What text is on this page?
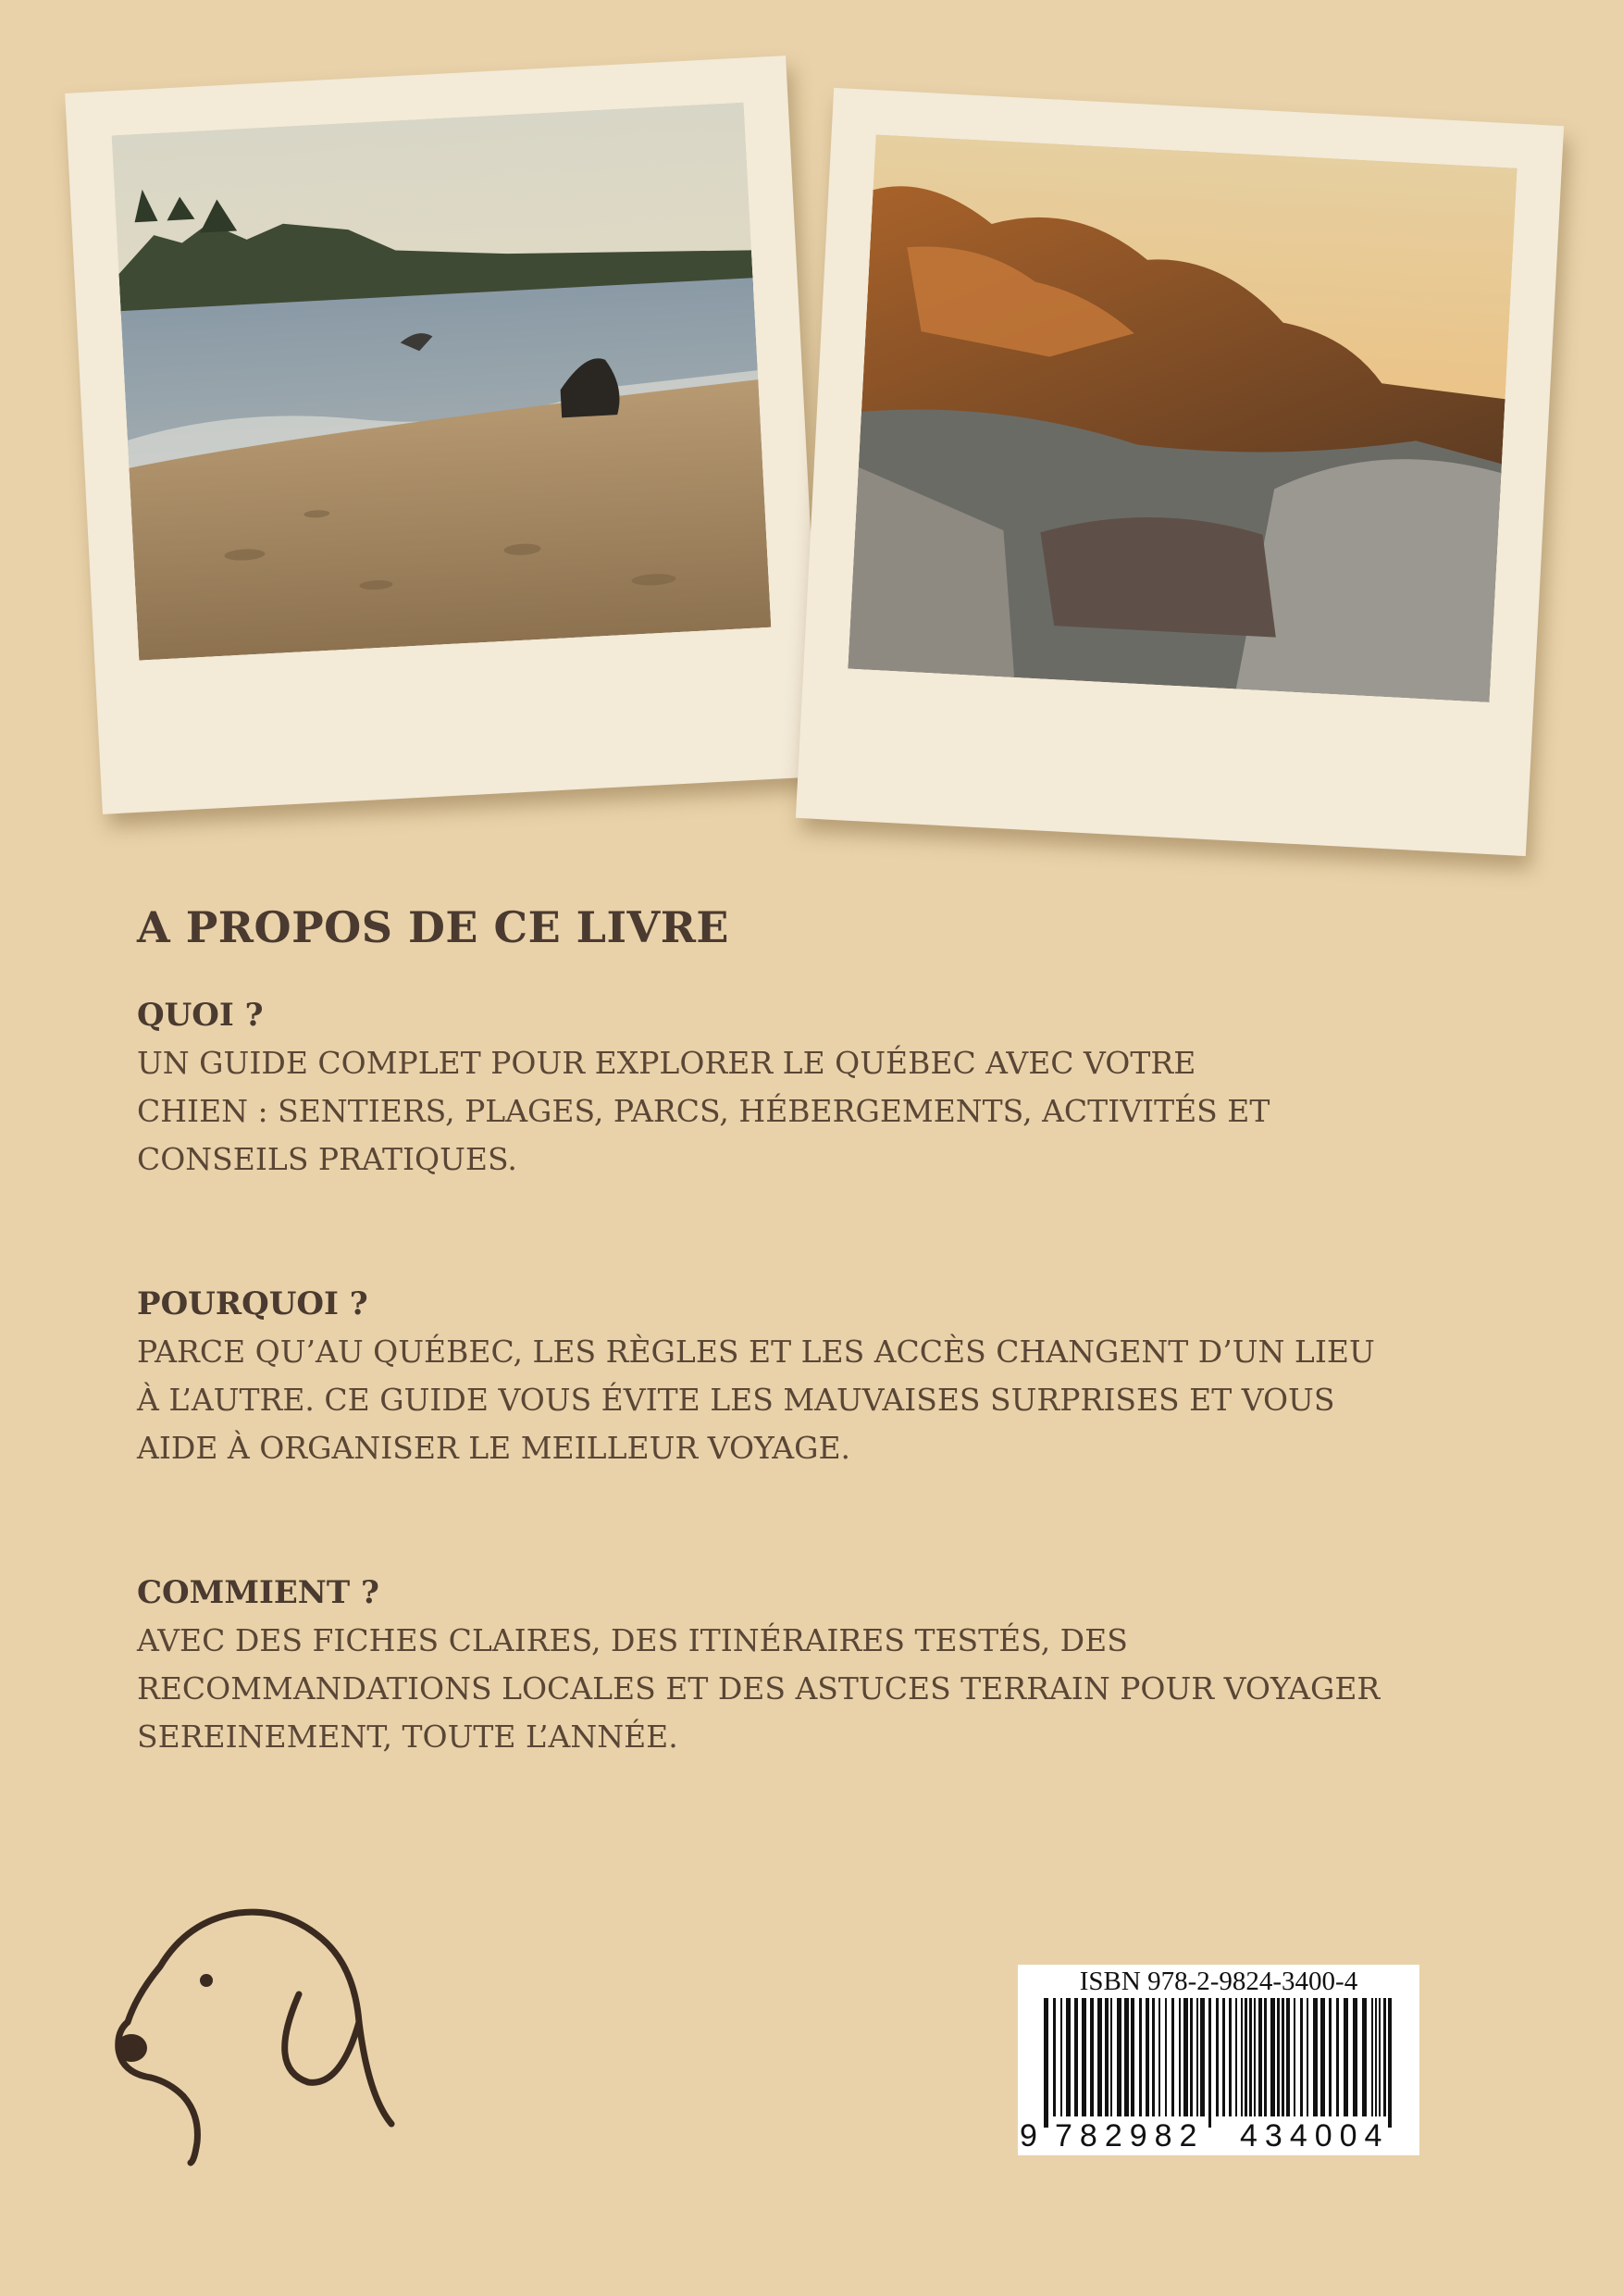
A PROPOS DE CE LIVRE

QUOI ?

UN GUIDE COMPLET POUR EXPLORER LE QUÉBEC AVEC VOTRE CHIEN : SENTIERS, PLAGES, PARCS, HÉBERGEMENTS, ACTIVITÉS ET CONSEILS PRATIQUES.

POURQUOI ?

PARCE QU’AU QUÉBEC, LES RÈGLES ET LES ACCÈS CHANGENT D’UN LIEU À L’AUTRE. CE GUIDE VOUS ÉVITE LES MAUVAISES SURPRISES ET VOUS AIDE À ORGANISER LE MEILLEUR VOYAGE.

COMMIENT ?

AVEC DES FICHES CLAIRES, DES ITINÉRAIRES TESTÉS, DES RECOMMANDATIONS LOCALES ET DES ASTUCES TERRAIN POUR VOYAGER SEREINEMENT, TOUTE L’ANNÉE.

ISBN 978-2-9824-3400-4
9 782982 434004
